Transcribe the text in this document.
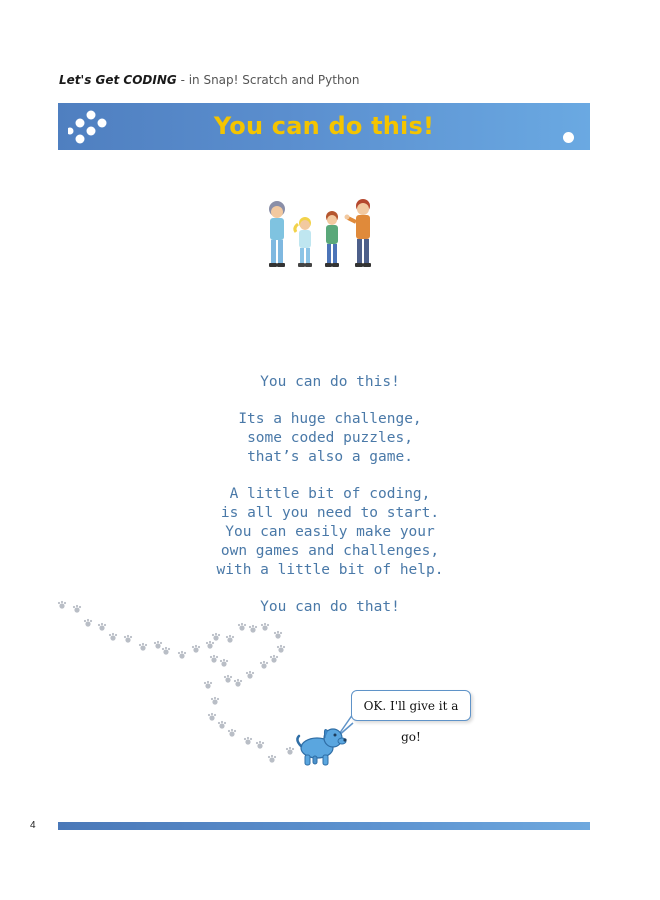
Let's Get CODING - in Snap! Scratch and Python
You can do this!
You can do this!
Its a huge challenge,
some coded puzzles,
that’s also a game.
A little bit of coding,
is all you need to start.
You can easily make your
own games and challenges,
with a little bit of help.
You can do that!
OK. I'll give it a go!
4
